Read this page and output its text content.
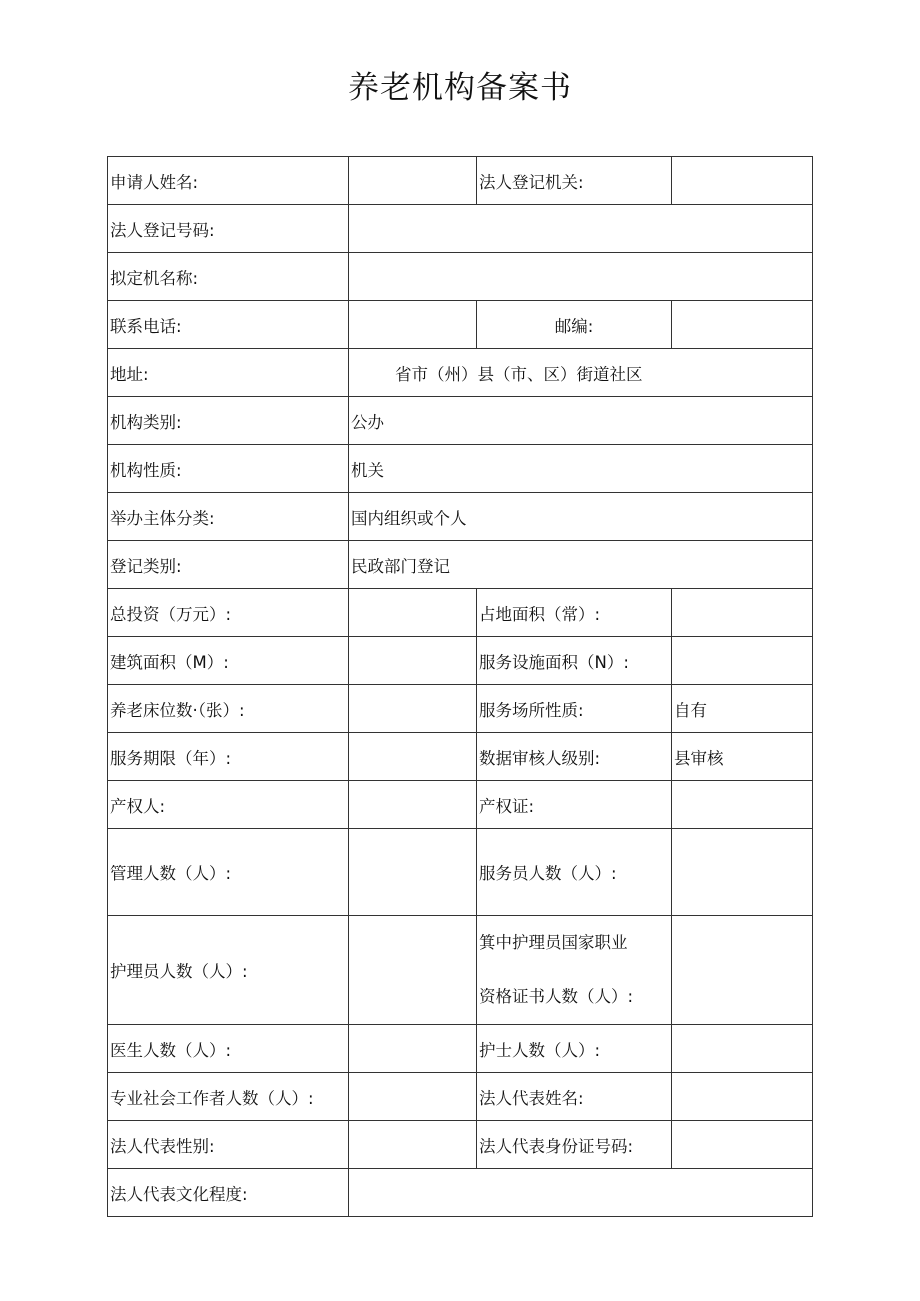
养老机构备案书
申请人姓名:		法人登记机关:	
法人登记号码:			
拟定机名称:			
联系电话:		邮编:	
地址:	省市（州）县（市、区）街道社区		
机构类别:	公办		
机构性质:	机关		
举办主体分类:	国内组织或个人		
登记类别:	民政部门登记		
总投资（万元）:		占地面积（常）:	
建筑面积（M）:		服务设施面积（N）:	
养老床位数·（张）:		服务场所性质:	自有
服务期限（年）:		数据审核人级别:	县审核
产权人:		产权证:	
管理人数（人）:		服务员人数（人）:	
护理员人数（人）:		箕中护理员国家职业
资格证书人数（人）:	

医生人数（人）:		护士人数（人）:	
专业社会工作者人数（人）:		法人代表姓名:	
法人代表性别:		法人代表身份证号码:	
法人代表文化程度:			
